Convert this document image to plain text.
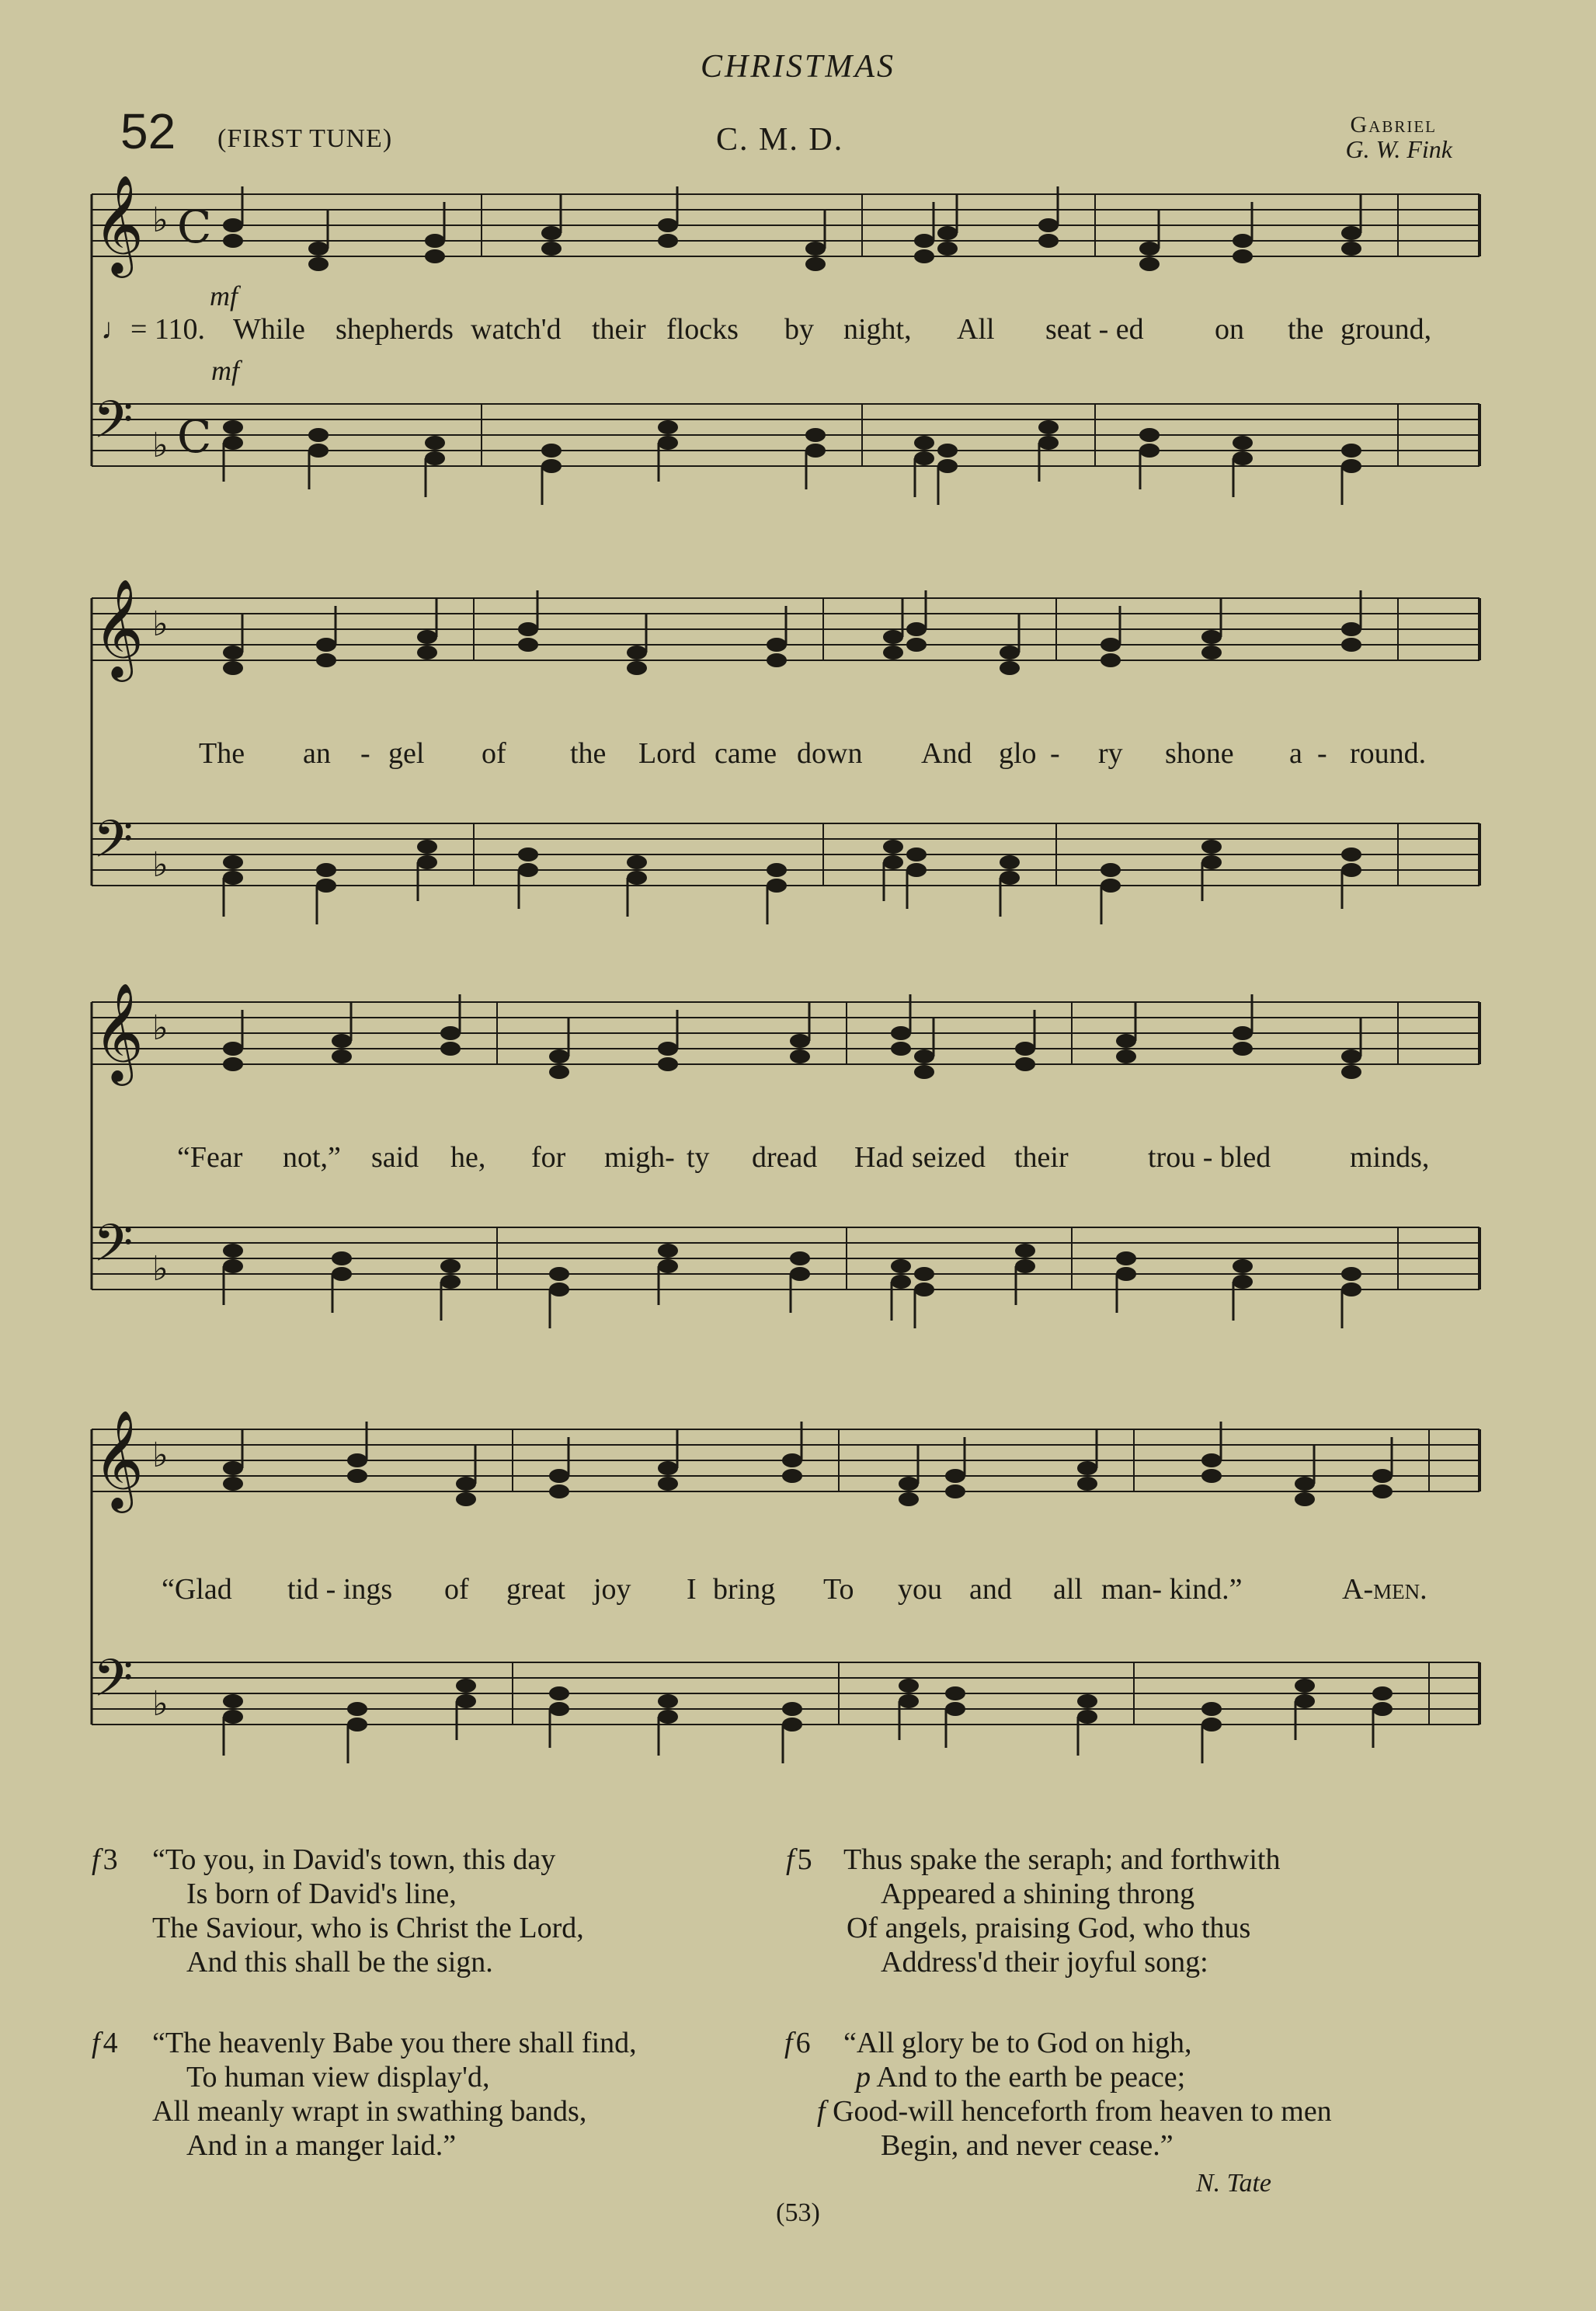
CHRISTMAS
52 (FIRST TUNE)	C. M. D.	Gabriel
G. W. Fink
𝄞 ♭ C
𝄢 ♭ C
𝄞 ♭
𝄢 ♭
𝄞 ♭
𝄢 ♭
𝄞 ♭
𝄢 ♭
mf
mf
♩= 110. While shepherds watch'd their flocks by night, All seat - ed on the ground,
The an - gel of the Lord came down And glo - ry shone a - round.
“Fear not,” said he, for migh- ty dread Had seized their	trou - bled	minds,
“Glad tid - ings of great joy I bring To you and all man- kind.”	A-men.
f 3 “To you, in David's town, this day
Is born of David's line,
The Saviour, who is Christ the Lord,
And this shall be the sign.
f 4 “The heavenly Babe you there shall find,
To human view display'd,
All meanly wrapt in swathing bands,
And in a manger laid.”
f 5 Thus spake the seraph; and forthwith
Appeared a shining throng
Of angels, praising God, who thus
Address'd their joyful song:
f 6 “All glory be to God on high,
p And to the earth be peace;
f Good-will henceforth from heaven to men
Begin, and never cease.”
N. Tate
(53)
